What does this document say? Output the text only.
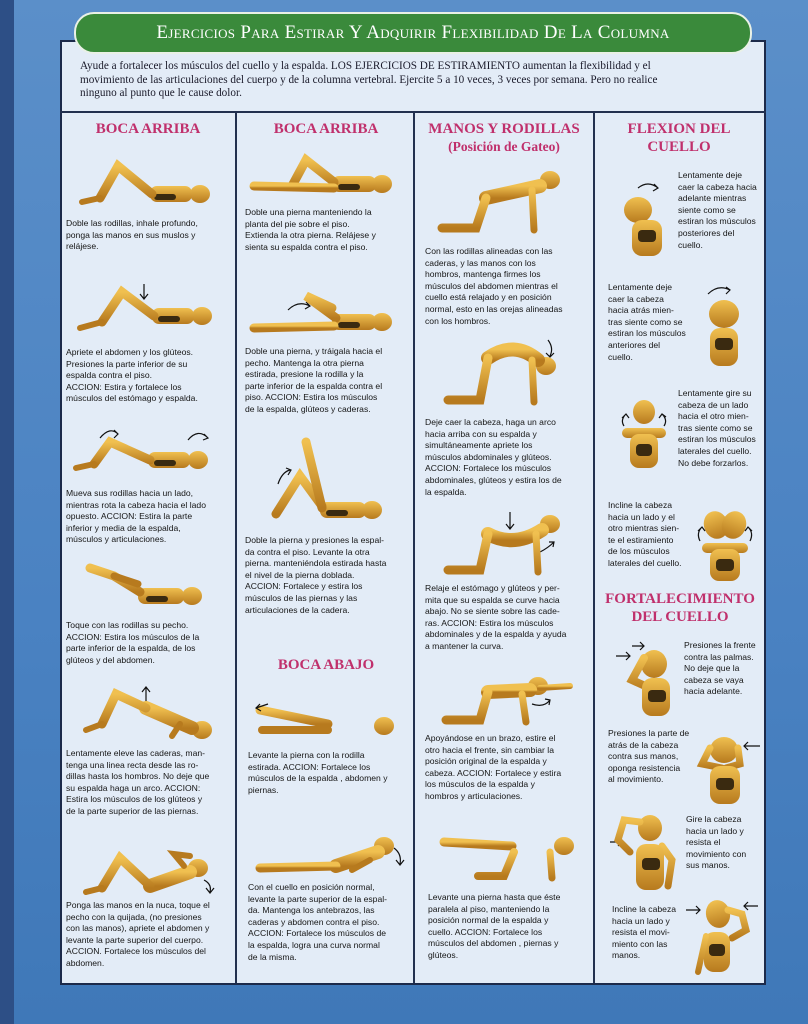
Ejercicios Para Estirar Y Adquirir Flexibilidad De La Columna
Ayude a fortalecer los músculos del cuello y la espalda. LOS EJERCICIOS DE ESTIRAMIENTO aumentan la flexibilidad y el
movimiento de las articulaciones del cuerpo y de la columna vertebral. Ejercite 5 a 10 veces, 3 veces por semana. Pero no realice
ninguno al punto que le cause dolor.
BOCA ARRIBA
Doble las rodillas, inhale profundo,
ponga las manos en sus muslos y
relájese.
Apriete el abdomen y los glúteos.
Presiones la parte inferior de su
espalda contra el piso.
ACCION: Estira y fortalece los
músculos del estómago y espalda.
Mueva sus rodillas hacia un lado,
mientras rota la cabeza hacia el lado
opuesto. ACCION: Estira la parte
inferior y media de la espalda,
músculos y articulaciones.
Toque con las rodillas su pecho.
ACCION: Estira los músculos de la
parte inferior de la espalda, de los
glúteos y del abdomen.
Lentamente eleve las caderas, man-
tenga una linea recta desde las ro-
dillas hasta los hombros. No deje que
su espalda haga un arco. ACCION:
Estira los músculos de los glúteos y
de la parte superior de las piernas.
Ponga las manos en la nuca, toque el
pecho con la quijada, (no presiones
con las manos), apriete el abdomen y
levante la parte superior del cuerpo.
ACCION. Fortalece los músculos del
abdomen.
BOCA ARRIBA
Doble una pierna manteniendo la
planta del pie sobre el piso.
Extienda la otra pierna. Relájese y
sienta su espalda contra el piso.
Doble una pierna, y tráigala hacia el
pecho. Mantenga la otra pierna
estirada, presione la rodilla y la
parte inferior de la espalda contra el
piso. ACCION: Estira los músculos
de la espalda, glúteos y caderas.
Doble la pierna y presiones la espal-
da contra el piso. Levante la otra
pierna. manteniéndola estirada hasta
el nivel de la pierna doblada.
ACCION: Fortalece y estira los
músculos de las piernas y las
articulaciones de la cadera.
BOCA ABAJO
Levante la pierna con la rodilla
estirada. ACCION: Fortalece los
músculos de la espalda , abdomen y
piernas.
Con el cuello en posición normal,
levante la parte superior de la espal-
da. Mantenga los antebrazos, las
caderas y abdomen contra el piso.
ACCION: Fortalece los músculos de
la espalda, logra una curva normal
de la misma.
MANOS Y RODILLAS
(Posición de Gateo)
Con las rodillas alineadas con las
caderas, y las manos con los
hombros, mantenga firmes los
músculos del abdomen mientras el
cuello está relajado y en posición
normal, esto en las orejas alineadas
con los hombros.
Deje caer la cabeza, haga un arco
hacia arriba con su espalda y
simultáneamente apriete los
músculos abdominales y glúteos.
ACCION: Fortalece los músculos
abdominales, glúteos y estira los de
la espalda.
Relaje el estómago y glúteos y per-
mita que su espalda se curve hacia
abajo. No se siente sobre las cade-
ras. ACCION: Estira los músculos
abdominales y de la espalda y ayuda
a mantener la curva.
Apoyándose en un brazo, estire el
otro hacia el frente, sin cambiar la
posición original de la espalda y
cabeza. ACCION: Fortalece y estira
los músculos de la espalda y
hombros y articulaciones.
Levante una pierna hasta que éste
paralela al piso, manteniendo la
posición normal de la espalda y
cuello. ACCION: Fortalece los
músculos del abdomen , piernas y
glúteos.
FLEXION DEL
CUELLO
Lentamente deje
caer la cabeza hacia
adelante mientras
siente como se
estiran los músculos
posteriores del
cuello.
Lentamente deje
caer la cabeza
hacia atrás mien-
tras siente como se
estiran los músculos
anteriores del
cuello.
Lentamente gire su
cabeza de un lado
hacia el otro mien-
tras siente como se
estiran los músculos
laterales del cuello.
No debe forzarlos.
Incline la cabeza
hacia un lado y el
otro mientras sien-
te el estiramiento
de los músculos
laterales del cuello.
FORTALECIMIENTO
DEL CUELLO
Presiones la frente
contra las palmas.
No deje que la
cabeza se vaya
hacia adelante.
Presiones la parte de
atrás de la cabeza
contra sus manos,
oponga resistencia
al movimiento.
Gire la cabeza
hacia un lado y
resista el
movimiento con
sus manos.
Incline la cabeza
hacia un lado y
resista el movi-
miento con las
manos.
